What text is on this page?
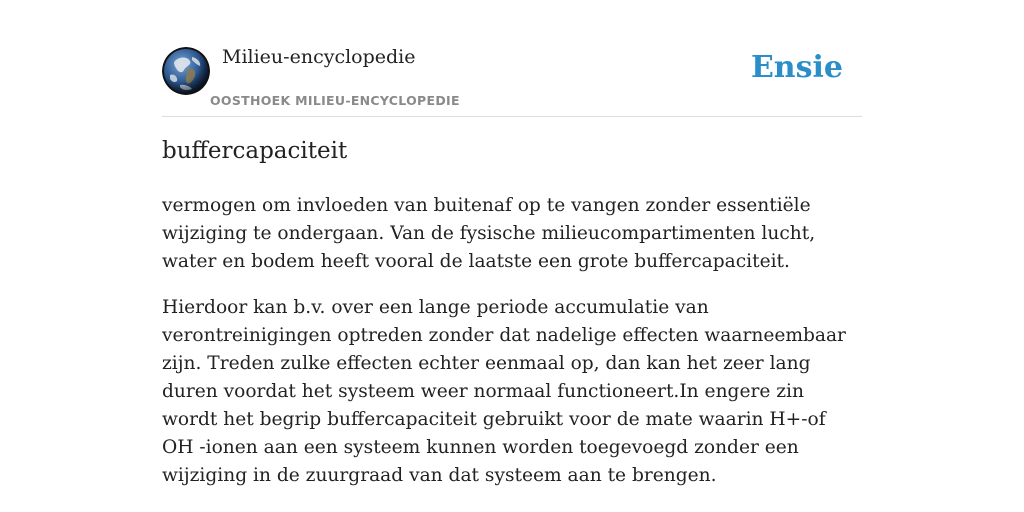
Milieu-encyclopedie
OOSTHOEK MILIEU-ENCYCLOPEDIE
Ensie
buffercapaciteit

vermogen om invloeden van buitenaf op te vangen zonder essentiële wijziging te ondergaan. Van de fysische milieucompartimenten lucht, water en bodem heeft vooral de laatste een grote buffercapaciteit.

Hierdoor kan b.v. over een lange periode accumulatie van verontreinigingen optreden zonder dat nadelige effecten waarneembaar zijn. Treden zulke effecten echter eenmaal op, dan kan het zeer lang duren voordat het systeem weer normaal functioneert.In engere zin wordt het begrip buffercapaciteit gebruikt voor de mate waarin H+-of OH -ionen aan een systeem kunnen worden toegevoegd zonder een wijziging in de zuurgraad van dat systeem aan te brengen.
